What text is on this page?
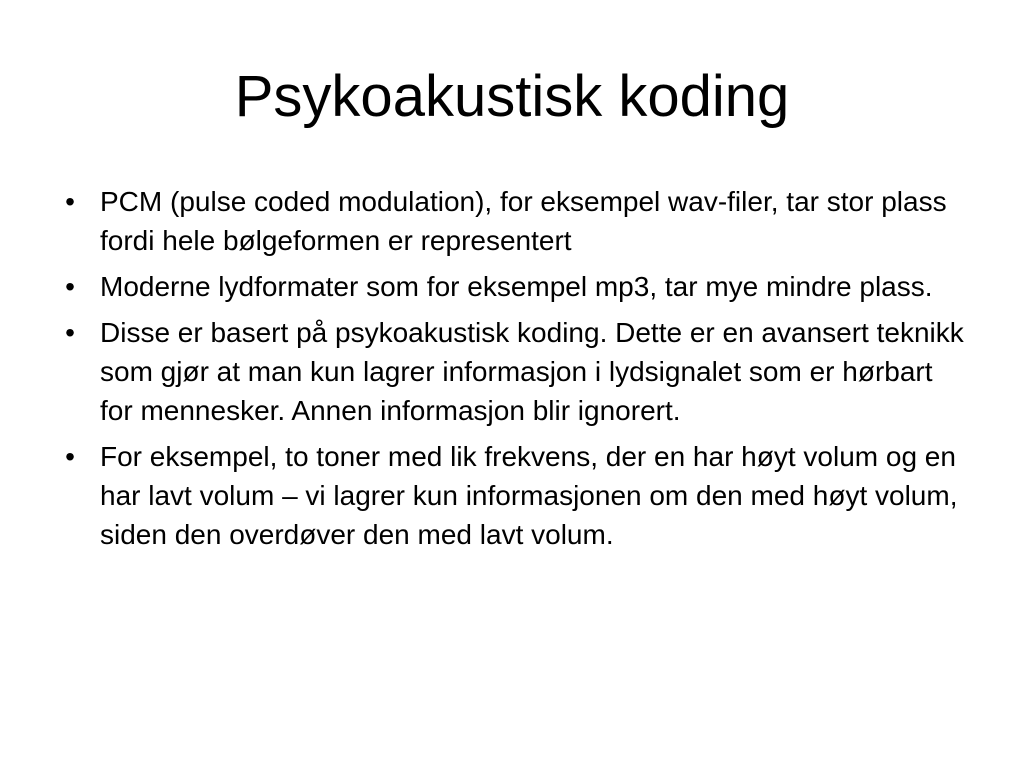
Psykoakustisk koding
• PCM (pulse coded modulation), for eksempel wav-filer, tar stor plass fordi hele bølgeformen er representert
• Moderne lydformater som for eksempel mp3, tar mye mindre plass.
• Disse er basert på psykoakustisk koding. Dette er en avansert teknikk som gjør at man kun lagrer informasjon i lydsignalet som er hørbart for mennesker. Annen informasjon blir ignorert.
• For eksempel, to toner med lik frekvens, der en har høyt volum og en har lavt volum – vi lagrer kun informasjonen om den med høyt volum, siden den overdøver den med lavt volum.
